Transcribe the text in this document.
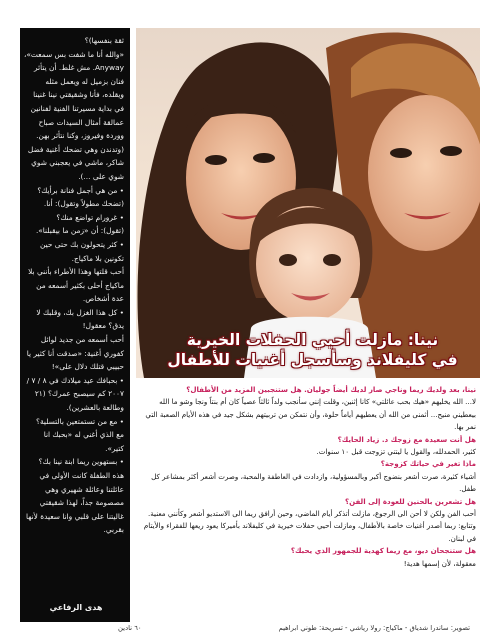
ثقة بنفسها)؟

«والله أنا ما شفت بس سمعت»، Anyway. مش غلط. أن يتأثر فنان بزميل له ويعمل مثله ويقلده، فأنا وشقيقتي نينا غنينا في بداية مسيرتنا الفنية لفنانين عمالقة أمثال السيدات صباح ووردة وفيروز، وكنا نتأثر بهن.

(وتدندن وهي تضحك أغنية فضل شاكر، ماشي في يعجبني شوي شوي على ...).

• من هي أجمل فنانة برأيك؟ (تضحك مطولاً وتقول): أنا.

• غرورام تواضع منك؟

(تقول): أن «زمن ما بيقبلنا».

• كثر يتحولون بك حتى حين تكونين بلا ماكياج.

أحب قلتها وهذا الأطراء بأنني بلا ماكياج أحلى بكثير أسمعه من عدة أشخاص.

• كل هذا الغزل بك، وقلبك لا يدق؟ معقول!

أحب أسمعه من جديد لوائل كفوري أغنية: «صدقت أنا كثير يا حبيبي قتلك دلال على»!

• بحبافك عيد ميلادك في ٨ / ٧ / ٢٠٠٧ كم سيصبح عمرك؟ (٢١ وطالعة بالعشرين).

• مع من تستمتعين بالتسلية؟

مع الذي أغني له «بحبك انا كتير».

• بستهوين ريما ابنة نينا بك؟

هذه الطفلة كانت الأولى في عائلتنا وعائلة شهيري وهي مصصومة جداً، لهذا شقيقتي غاليتنا على قلبي وانا سعيدة لأنها بقربي.

هدى الرفاعي
نينا: مازلت أحيي الحفلات الخيرية
في كليفلاند وسأسجل أغنيات للأطفال

نينا، بعد ولديك ريما وناجي صار لديك أيضاً جوليان. هل ستنجبين المزيد من الأطفال؟

لا... الله يخليهم «هيك بحب عائلتي» كانا إثنين، وقلت إنني سأنجب ولداً ثالثاً عصياً كان أم بنتاً ونجا وشو ما الله بيعطيني منيح... أثمنى من الله أن يعطيهم أياماً حلوة، وأن نتمكن من تربيتهم بشكل جيد في هذه الأيام الصعبة التي نمر بها.

هل أنت سعيدة مع زوجك د. زياد الحايك؟

كثير، الحمدلله، والقول يا ليتني تزوجت قبل ١٠ سنوات.

ماذا تغير في حياتك كزوجة؟

أشياء كثيرة، صرت أشعر بنضوج أكبر وبالمسؤولية، وازدادت في العاطفة والمحبة، وصرت أشعر أكثر بمشاعر كل طفل.

هل تشعرين بالحنين للعودة إلى الفن؟

أحب الفن ولكن لا أحن الى الرجوع، مازلت أتذكر أيام الماضي، وحين أرافق ريما الى الاستديو أشعر وكأنني معنية. وتتابع: ربما أصدر أغنيات خاصة بالأطفال، ومازلت أحيي حفلات خيرية في كليفلاند بأميركا يعود ريعها للفقراء والأيتام في لبنان.

هل ستنجحان ديو، مع ريما كهدية للجمهور الذي يحبك؟

معقولة، لأن إسمها هدية!

تصوير: ساندرا شدياق - ماكياج: رولا رياشي - تسريحة: طوني ابراهيم
٦٠ نادين
